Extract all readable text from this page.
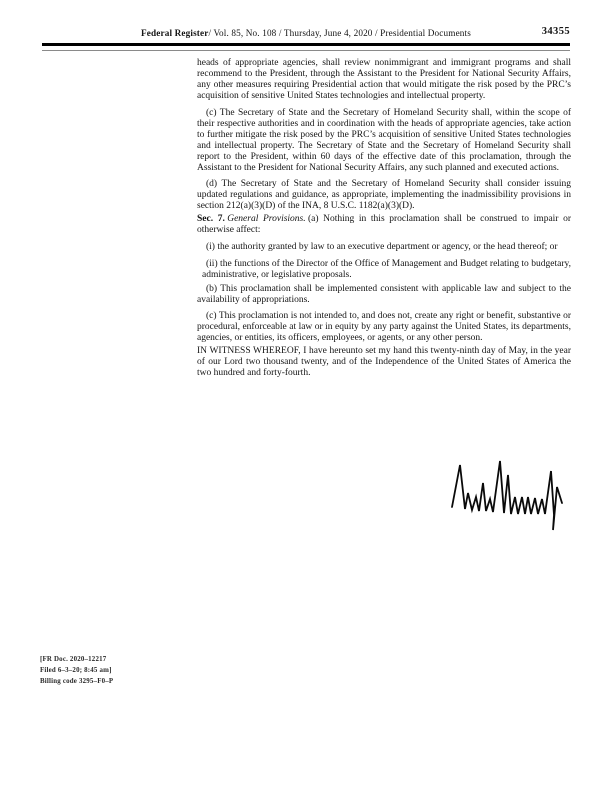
Federal Register/ Vol. 85, No. 108 / Thursday, June 4, 2020 / Presidential Documents	34355

heads of appropriate agencies, shall review nonimmigrant and immigrant programs and shall recommend to the President, through the Assistant to the President for National Security Affairs, any other measures requiring Presidential action that would mitigate the risk posed by the PRC’s acquisition of sensitive United States technologies and intellectual property.

(c) The Secretary of State and the Secretary of Homeland Security shall, within the scope of their respective authorities and in coordination with the heads of appropriate agencies, take action to further mitigate the risk posed by the PRC’s acquisition of sensitive United States technologies and intellectual property. The Secretary of State and the Secretary of Homeland Security shall report to the President, within 60 days of the effective date of this proclamation, through the Assistant to the President for National Security Affairs, any such planned and executed actions.

(d) The Secretary of State and the Secretary of Homeland Security shall consider issuing updated regulations and guidance, as appropriate, implementing the inadmissibility provisions in section 212(a)(3)(D) of the INA, 8 U.S.C. 1182(a)(3)(D).

Sec. 7. General Provisions. (a) Nothing in this proclamation shall be construed to impair or otherwise affect:

(i) the authority granted by law to an executive department or agency, or the head thereof; or

(ii) the functions of the Director of the Office of Management and Budget relating to budgetary, administrative, or legislative proposals.

(b) This proclamation shall be implemented consistent with applicable law and subject to the availability of appropriations.

(c) This proclamation is not intended to, and does not, create any right or benefit, substantive or procedural, enforceable at law or in equity by any party against the United States, its departments, agencies, or entities, its officers, employees, or agents, or any other person.

IN WITNESS WHEREOF, I have hereunto set my hand this twenty-ninth day of May, in the year of our Lord two thousand twenty, and of the Independence of the United States of America the two hundred and forty-fourth.

[FR Doc. 2020–12217
Filed 6–3–20; 8:45 am]
Billing code 3295–F0–P
